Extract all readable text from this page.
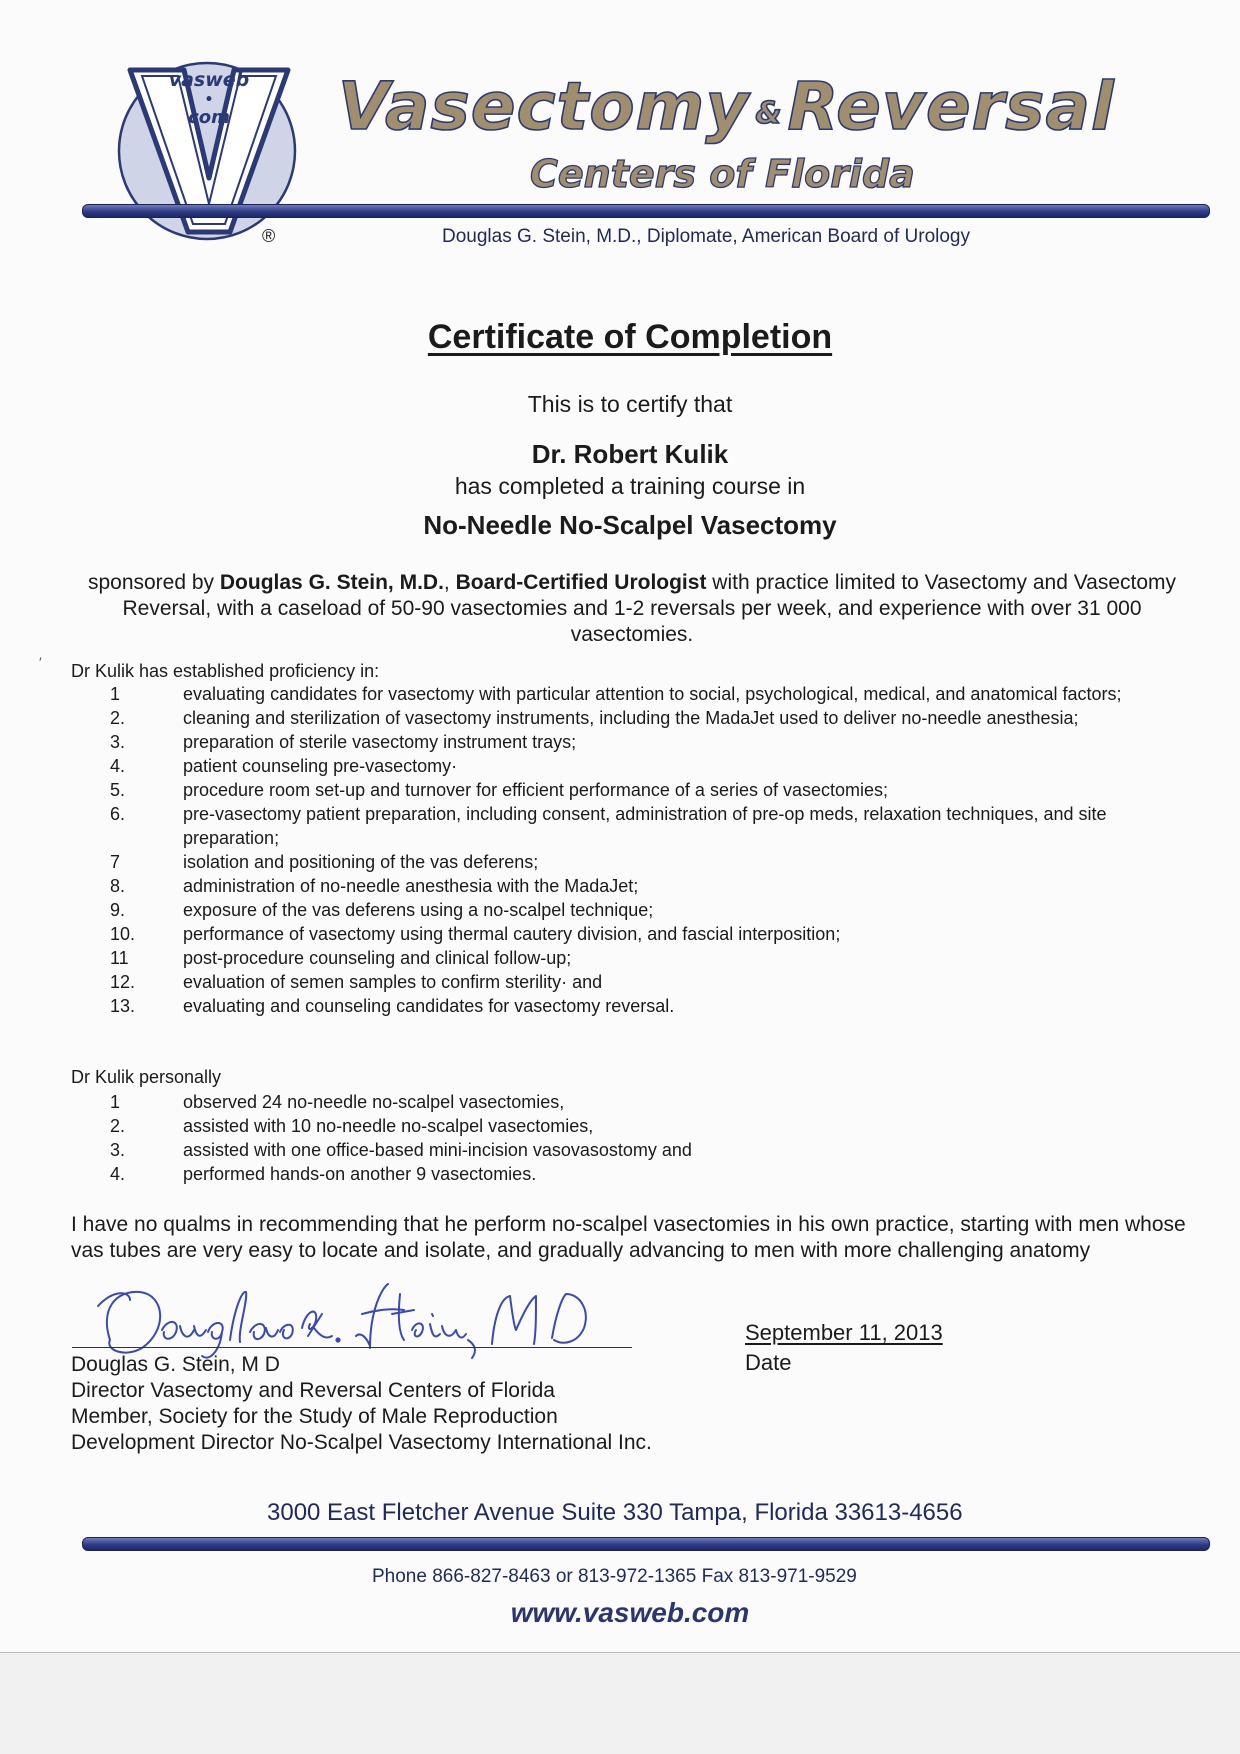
vasweb
•
com
®
Vasectomy &Reversal
Centers of Florida
Douglas G. Stein, M.D., Diplomate, American Board of Urology
Certificate of Completion
This is to certify that
Dr. Robert Kulik
has completed a training course in
No-Needle No-Scalpel Vasectomy
sponsored by Douglas G. Stein, M.D., Board-Certified Urologist with practice limited to Vasectomy and Vasectomy Reversal, with a caseload of 50-90 vasectomies and 1-2 reversals per week, and experience with over 31 000 vasectomies.
′ Dr Kulik has established proficiency in:
1	evaluating candidates for vasectomy with particular attention to social, psychological, medical, and anatomical factors;
2.	cleaning and sterilization of vasectomy instruments, including the MadaJet used to deliver no-needle anesthesia;
3.	preparation of sterile vasectomy instrument trays;
4.	patient counseling pre-vasectomy·
5.	procedure room set-up and turnover for efficient performance of a series of vasectomies;
6.	pre-vasectomy patient preparation, including consent, administration of pre-op meds, relaxation techniques, and site preparation;
7	isolation and positioning of the vas deferens;
8.	administration of no-needle anesthesia with the MadaJet;
9.	exposure of the vas deferens using a no-scalpel technique;
10.	performance of vasectomy using thermal cautery division, and fascial interposition;
11	post-procedure counseling and clinical follow-up;
12.	evaluation of semen samples to confirm sterility· and
13.	evaluating and counseling candidates for vasectomy reversal.
Dr Kulik personally
1	observed 24 no-needle no-scalpel vasectomies,
2.	assisted with 10 no-needle no-scalpel vasectomies,
3.	assisted with one office-based mini-incision vasovasostomy and
4.	performed hands-on another 9 vasectomies.
I have no qualms in recommending that he perform no-scalpel vasectomies in his own practice, starting with men whose vas tubes are very easy to locate and isolate, and gradually advancing to men with more challenging anatomy
Douglas G. Stein, M D
Director Vasectomy and Reversal Centers of Florida
Member, Society for the Study of Male Reproduction
Development Director No-Scalpel Vasectomy International Inc.
September 11, 2013
Date
3000 East Fletcher Avenue Suite 330 Tampa, Florida 33613-4656
Phone 866-827-8463 or 813-972-1365 Fax 813-971-9529
www.vasweb.com
